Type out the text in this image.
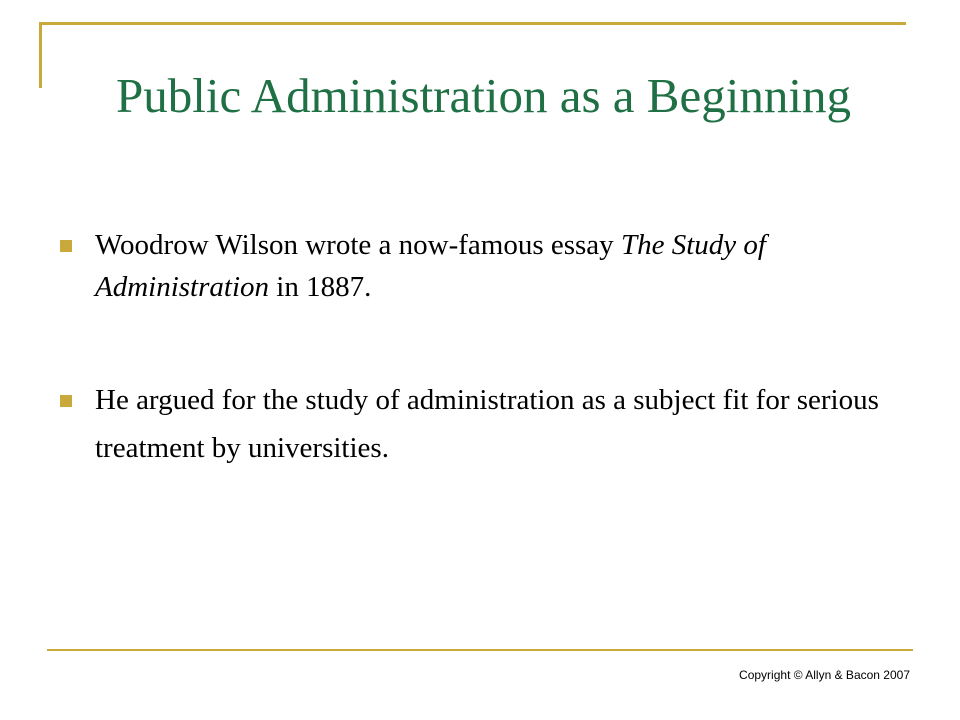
Public Administration as a Beginning
Woodrow Wilson wrote a now-famous essay The Study of Administration in 1887.
He argued for the study of administration as a subject fit for serious treatment by universities.
Copyright © Allyn & Bacon 2007
